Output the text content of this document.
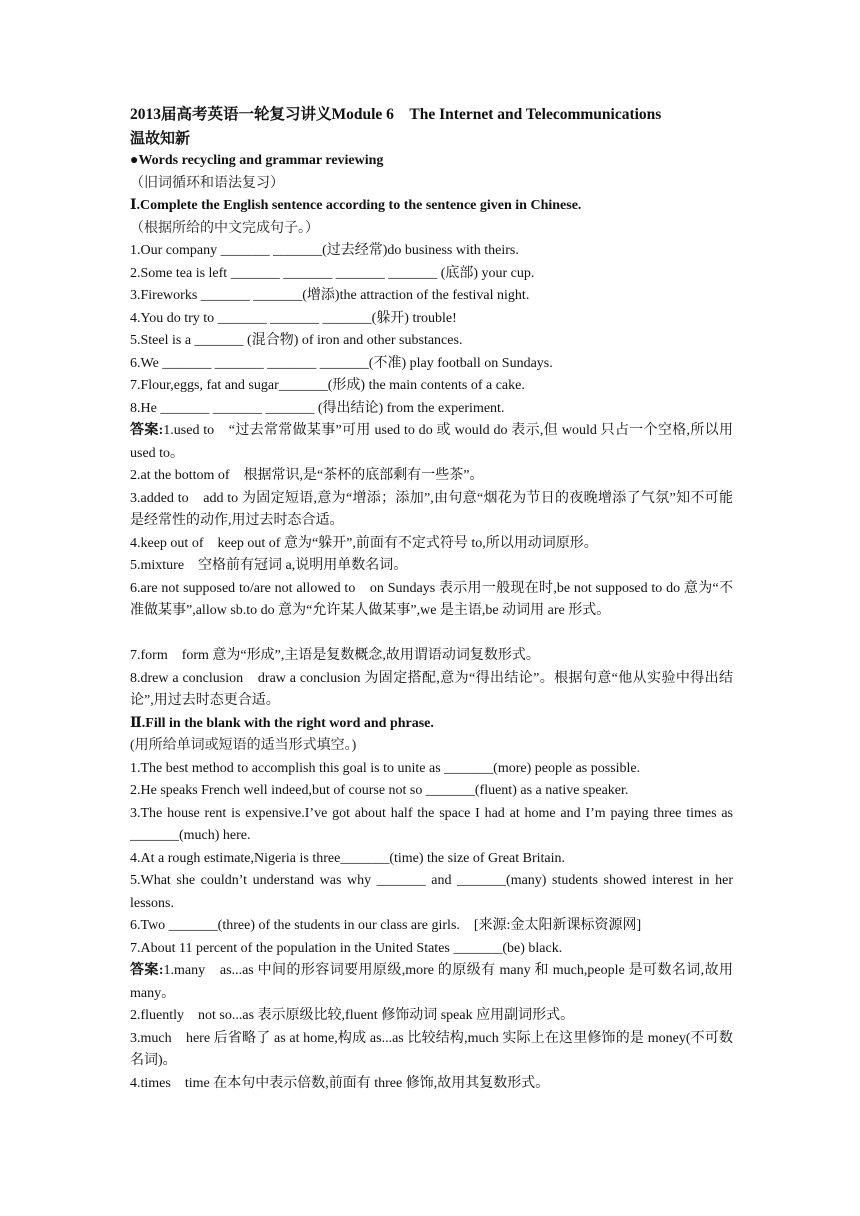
2013届高考英语一轮复习讲义Module 6　The Internet and Telecommunications
温故知新
●Words recycling and grammar reviewing
（旧词循环和语法复习）
Ⅰ.Complete the English sentence according to the sentence given in Chinese.
（根据所给的中文完成句子。）
1.Our company _______ _______(过去经常)do business with theirs.
2.Some tea is left _______ _______ _______ _______ (底部) your cup.
3.Fireworks _______ _______(增添)the attraction of the festival night.
4.You do try to _______ _______ _______(躲开) trouble!
5.Steel is a _______ (混合物) of iron and other substances.
6.We _______ _______ _______ _______(不准) play football on Sundays.
7.Flour,eggs, fat and sugar_______(形成) the main contents of a cake.
8.He _______ _______ _______ (得出结论) from the experiment.
答案:1.used to　“过去常常做某事”可用 used to do 或 would do 表示,但 would 只占一个空格,所以用 used to。
2.at the bottom of　根据常识,是“茶杯的底部剩有一些茶”。
3.added to　add to 为固定短语,意为“增添；添加”,由句意“烟花为节日的夜晚增添了气氛”知不可能是经常性的动作,用过去时态合适。
4.keep out of　keep out of 意为“躲开”,前面有不定式符号 to,所以用动词原形。
5.mixture　空格前有冠词 a,说明用单数名词。
6.are not supposed to/are not allowed to　on Sundays 表示用一般现在时,be not supposed to do 意为“不准做某事”,allow sb.to do 意为“允许某人做某事”,we 是主语,be 动词用 are 形式。
7.form　form 意为“形成”,主语是复数概念,故用谓语动词复数形式。
8.drew a conclusion　draw a conclusion 为固定搭配,意为“得出结论”。根据句意“他从实验中得出结论”,用过去时态更合适。
Ⅱ.Fill in the blank with the right word and phrase.
(用所给单词或短语的适当形式填空。)
1.The best method to accomplish this goal is to unite as _______(more) people as possible.
2.He speaks French well indeed,but of course not so _______(fluent) as a native speaker.
3.The house rent is expensive.I’ve got about half the space I had at home and I’m paying three times as _______(much) here.
4.At a rough estimate,Nigeria is three_______(time) the size of Great Britain.
5.What she couldn’t understand was why _______ and _______(many) students showed interest in her lessons.
6.Two _______(three) of the students in our class are girls.　[来源:金太阳新课标资源网]
7.About 11 percent of the population in the United States _______(be) black.
答案:1.many　as...as 中间的形容词要用原级,more 的原级有 many 和 much,people 是可数名词,故用 many。
2.fluently　not so...as 表示原级比较,fluent 修饰动词 speak 应用副词形式。
3.much　here 后省略了 as at home,构成 as...as 比较结构,much 实际上在这里修饰的是 money(不可数名词)。
4.times　time 在本句中表示倍数,前面有 three 修饰,故用其复数形式。
